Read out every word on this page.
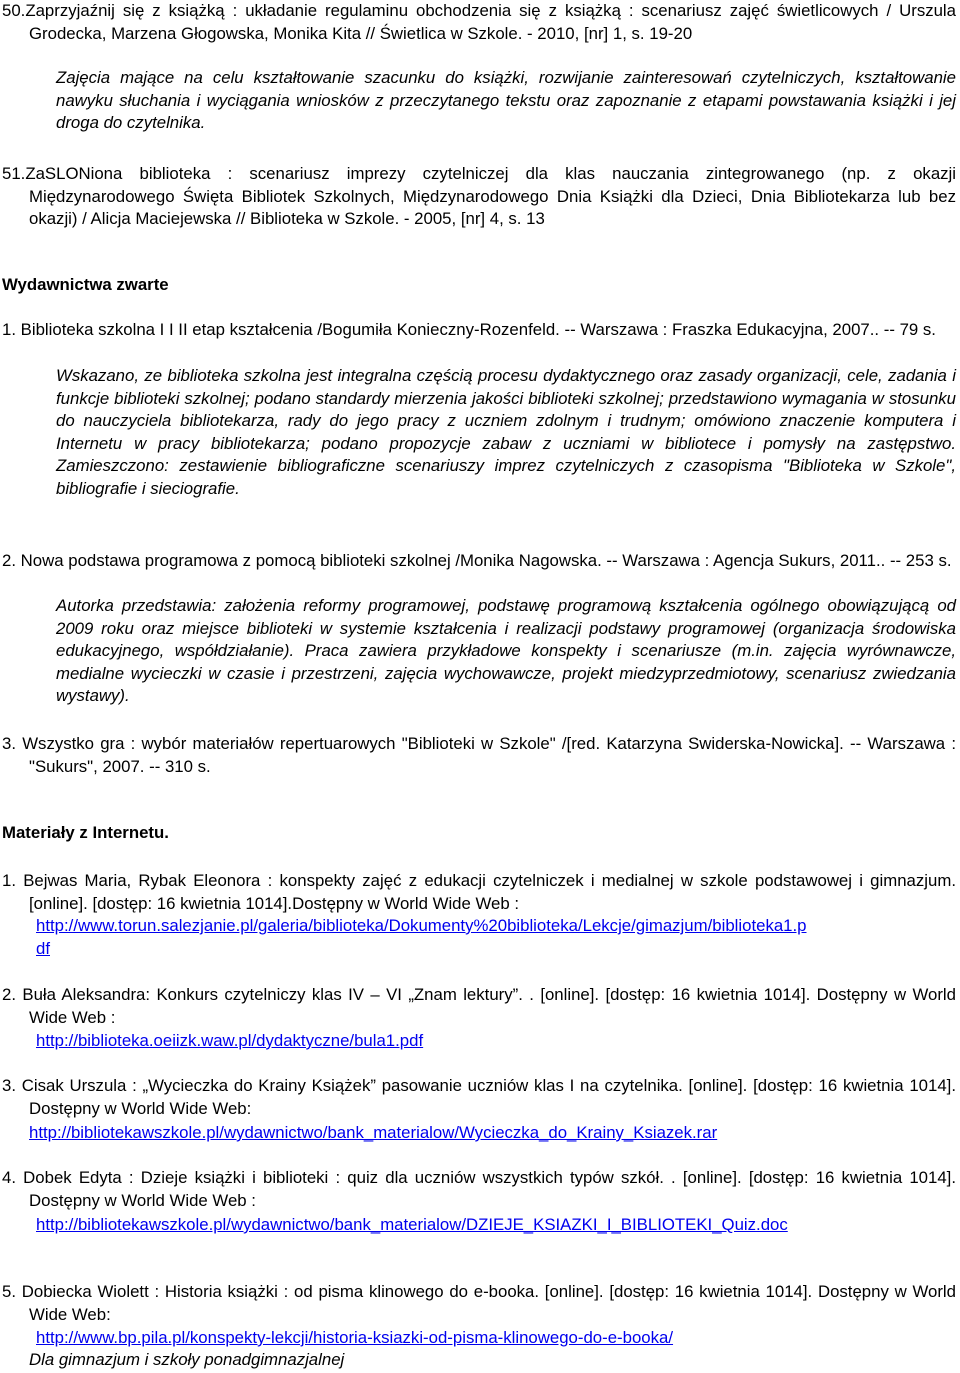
50.Zaprzyjaźnij się z książką : układanie regulaminu obchodzenia się z książką : scenariusz zajęć świetlicowych / Urszula Grodecka, Marzena Głogowska, Monika Kita // Świetlica w Szkole. - 2010, [nr] 1, s. 19-20
Zajęcia mające na celu kształtowanie szacunku do książki, rozwijanie zainteresowań czytelniczych, kształtowanie nawyku słuchania i wyciągania wniosków z przeczytanego tekstu oraz zapoznanie z etapami powstawania książki i jej droga do czytelnika.
51.ZaSLONiona biblioteka : scenariusz imprezy czytelniczej dla klas nauczania zintegrowanego (np. z okazji Międzynarodowego Święta Bibliotek Szkolnych, Międzynarodowego Dnia Książki dla Dzieci, Dnia Bibliotekarza lub bez okazji) / Alicja Maciejewska // Biblioteka w Szkole. - 2005, [nr] 4, s. 13
Wydawnictwa zwarte
1. Biblioteka szkolna I I II etap kształcenia /Bogumiła Konieczny-Rozenfeld. -- Warszawa : Fraszka Edukacyjna, 2007.. -- 79 s.
Wskazano, ze biblioteka szkolna jest integralna częścią procesu dydaktycznego oraz zasady organizacji, cele, zadania i funkcje biblioteki szkolnej; podano standardy mierzenia jakości biblioteki szkolnej; przedstawiono wymagania w stosunku do nauczyciela bibliotekarza, rady do jego pracy z uczniem zdolnym i trudnym; omówiono znaczenie komputera i Internetu w pracy bibliotekarza; podano propozycje zabaw z uczniami w bibliotece i pomysły na zastępstwo. Zamieszczono: zestawienie bibliograficzne scenariuszy imprez czytelniczych z czasopisma "Biblioteka w Szkole", bibliografie i sieciografie.
2. Nowa podstawa programowa z pomocą biblioteki szkolnej /Monika Nagowska. -- Warszawa : Agencja Sukurs, 2011.. -- 253 s.
Autorka przedstawia: założenia reformy programowej, podstawę programową kształcenia ogólnego obowiązującą od 2009 roku oraz miejsce biblioteki w systemie kształcenia i realizacji podstawy programowej (organizacja środowiska edukacyjnego, współdziałanie). Praca zawiera przykładowe konspekty i scenariusze (m.in. zajęcia wyrównawcze, medialne wycieczki w czasie i przestrzeni, zajęcia wychowawcze, projekt miedzyprzedmiotowy, scenariusz zwiedzania wystawy).
3. Wszystko gra : wybór materiałów repertuarowych "Biblioteki w Szkole" /[red. Katarzyna Swiderska-Nowicka]. -- Warszawa : "Sukurs", 2007. -- 310 s.
Materiały z Internetu.
1. Bejwas Maria, Rybak Eleonora : konspekty zajęć z edukacji czytelniczek i medialnej w szkole podstawowej i gimnazjum. [online]. [dostęp: 16 kwietnia 1014].Dostępny w World Wide Web :
http://www.torun.salezjanie.pl/galeria/biblioteka/Dokumenty%20biblioteka/Lekcje/gimazjum/biblioteka1.p
df
2. Buła Aleksandra: Konkurs czytelniczy klas IV – VI „Znam lektury”. . [online]. [dostęp: 16 kwietnia 1014]. Dostępny w World Wide Web :
http://biblioteka.oeiizk.waw.pl/dydaktyczne/bula1.pdf
3. Cisak Urszula : „Wycieczka do Krainy Książek” pasowanie uczniów klas I na czytelnika. [online]. [dostęp: 16 kwietnia 1014]. Dostępny w World Wide Web:
http://bibliotekawszkole.pl/wydawnictwo/bank_materialow/Wycieczka_do_Krainy_Ksiazek.rar
4. Dobek Edyta : Dzieje książki i biblioteki : quiz dla uczniów wszystkich typów szkół. . [online]. [dostęp: 16 kwietnia 1014]. Dostępny w World Wide Web :
http://bibliotekawszkole.pl/wydawnictwo/bank_materialow/DZIEJE_KSIAZKI_I_BIBLIOTEKI_Quiz.doc
5. Dobiecka Wiolett : Historia książki : od pisma klinowego do e-booka. [online]. [dostęp: 16 kwietnia 1014]. Dostępny w World Wide Web:
http://www.bp.pila.pl/konspekty-lekcji/historia-ksiazki-od-pisma-klinowego-do-e-booka/
Dla gimnazjum i szkoły ponadgimnazjalnej
